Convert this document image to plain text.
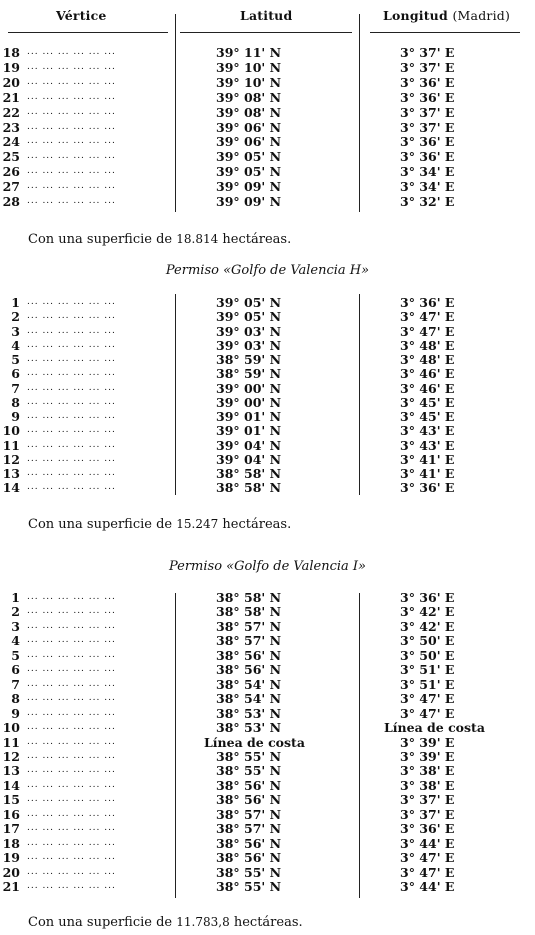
Vértice	Latitud	Longitud (Madrid)
18 ... ... ... ... ... ...	39° 11' N	3° 37' E
19 ... ... ... ... ... ...	39° 10' N	3° 37' E
20 ... ... ... ... ... ...	39° 10' N	3° 36' E
21 ... ... ... ... ... ...	39° 08' N	3° 36' E
22 ... ... ... ... ... ...	39° 08' N	3° 37' E
23 ... ... ... ... ... ...	39° 06' N	3° 37' E
24 ... ... ... ... ... ...	39° 06' N	3° 36' E
25 ... ... ... ... ... ...	39° 05' N	3° 36' E
26 ... ... ... ... ... ...	39° 05' N	3° 34' E
27 ... ... ... ... ... ...	39° 09' N	3° 34' E
28 ... ... ... ... ... ...	39° 09' N	3° 32' E
Con una superficie de 18.814 hectáreas.
Permiso «Golfo de Valencia H»
1 ... ... ... ... ... ...	39° 05' N	3° 36' E
2 ... ... ... ... ... ...	39° 05' N	3° 47' E
3 ... ... ... ... ... ...	39° 03' N	3° 47' E
4 ... ... ... ... ... ...	39° 03' N	3° 48' E
5 ... ... ... ... ... ...	38° 59' N	3° 48' E
6 ... ... ... ... ... ...	38° 59' N	3° 46' E
7 ... ... ... ... ... ...	39° 00' N	3° 46' E
8 ... ... ... ... ... ...	39° 00' N	3° 45' E
9 ... ... ... ... ... ...	39° 01' N	3° 45' E
10 ... ... ... ... ... ...	39° 01' N	3° 43' E
11 ... ... ... ... ... ...	39° 04' N	3° 43' E
12 ... ... ... ... ... ...	39° 04' N	3° 41' E
13 ... ... ... ... ... ...	38° 58' N	3° 41' E
14 ... ... ... ... ... ...	38° 58' N	3° 36' E
Con una superficie de 15.247 hectáreas.
Permiso «Golfo de Valencia I»
1 ... ... ... ... ... ...	38° 58' N	3° 36' E
2 ... ... ... ... ... ...	38° 58' N	3° 42' E
3 ... ... ... ... ... ...	38° 57' N	3° 42' E
4 ... ... ... ... ... ...	38° 57' N	3° 50' E
5 ... ... ... ... ... ...	38° 56' N	3° 50' E
6 ... ... ... ... ... ...	38° 56' N	3° 51' E
7 ... ... ... ... ... ...	38° 54' N	3° 51' E
8 ... ... ... ... ... ...	38° 54' N	3° 47' E
9 ... ... ... ... ... ...	38° 53' N	3° 47' E
10 ... ... ... ... ... ...	38° 53' N	Línea de costa
11 ... ... ... ... ... ...	Línea de costa	3° 39' E
12 ... ... ... ... ... ...	38° 55' N	3° 39' E
13 ... ... ... ... ... ...	38° 55' N	3° 38' E
14 ... ... ... ... ... ...	38° 56' N	3° 38' E
15 ... ... ... ... ... ...	38° 56' N	3° 37' E
16 ... ... ... ... ... ...	38° 57' N	3° 37' E
17 ... ... ... ... ... ...	38° 57' N	3° 36' E
18 ... ... ... ... ... ...	38° 56' N	3° 44' E
19 ... ... ... ... ... ...	38° 56' N	3° 47' E
20 ... ... ... ... ... ...	38° 55' N	3° 47' E
21 ... ... ... ... ... ...	38° 55' N	3° 44' E
Con una superficie de 11.783,8 hectáreas.
